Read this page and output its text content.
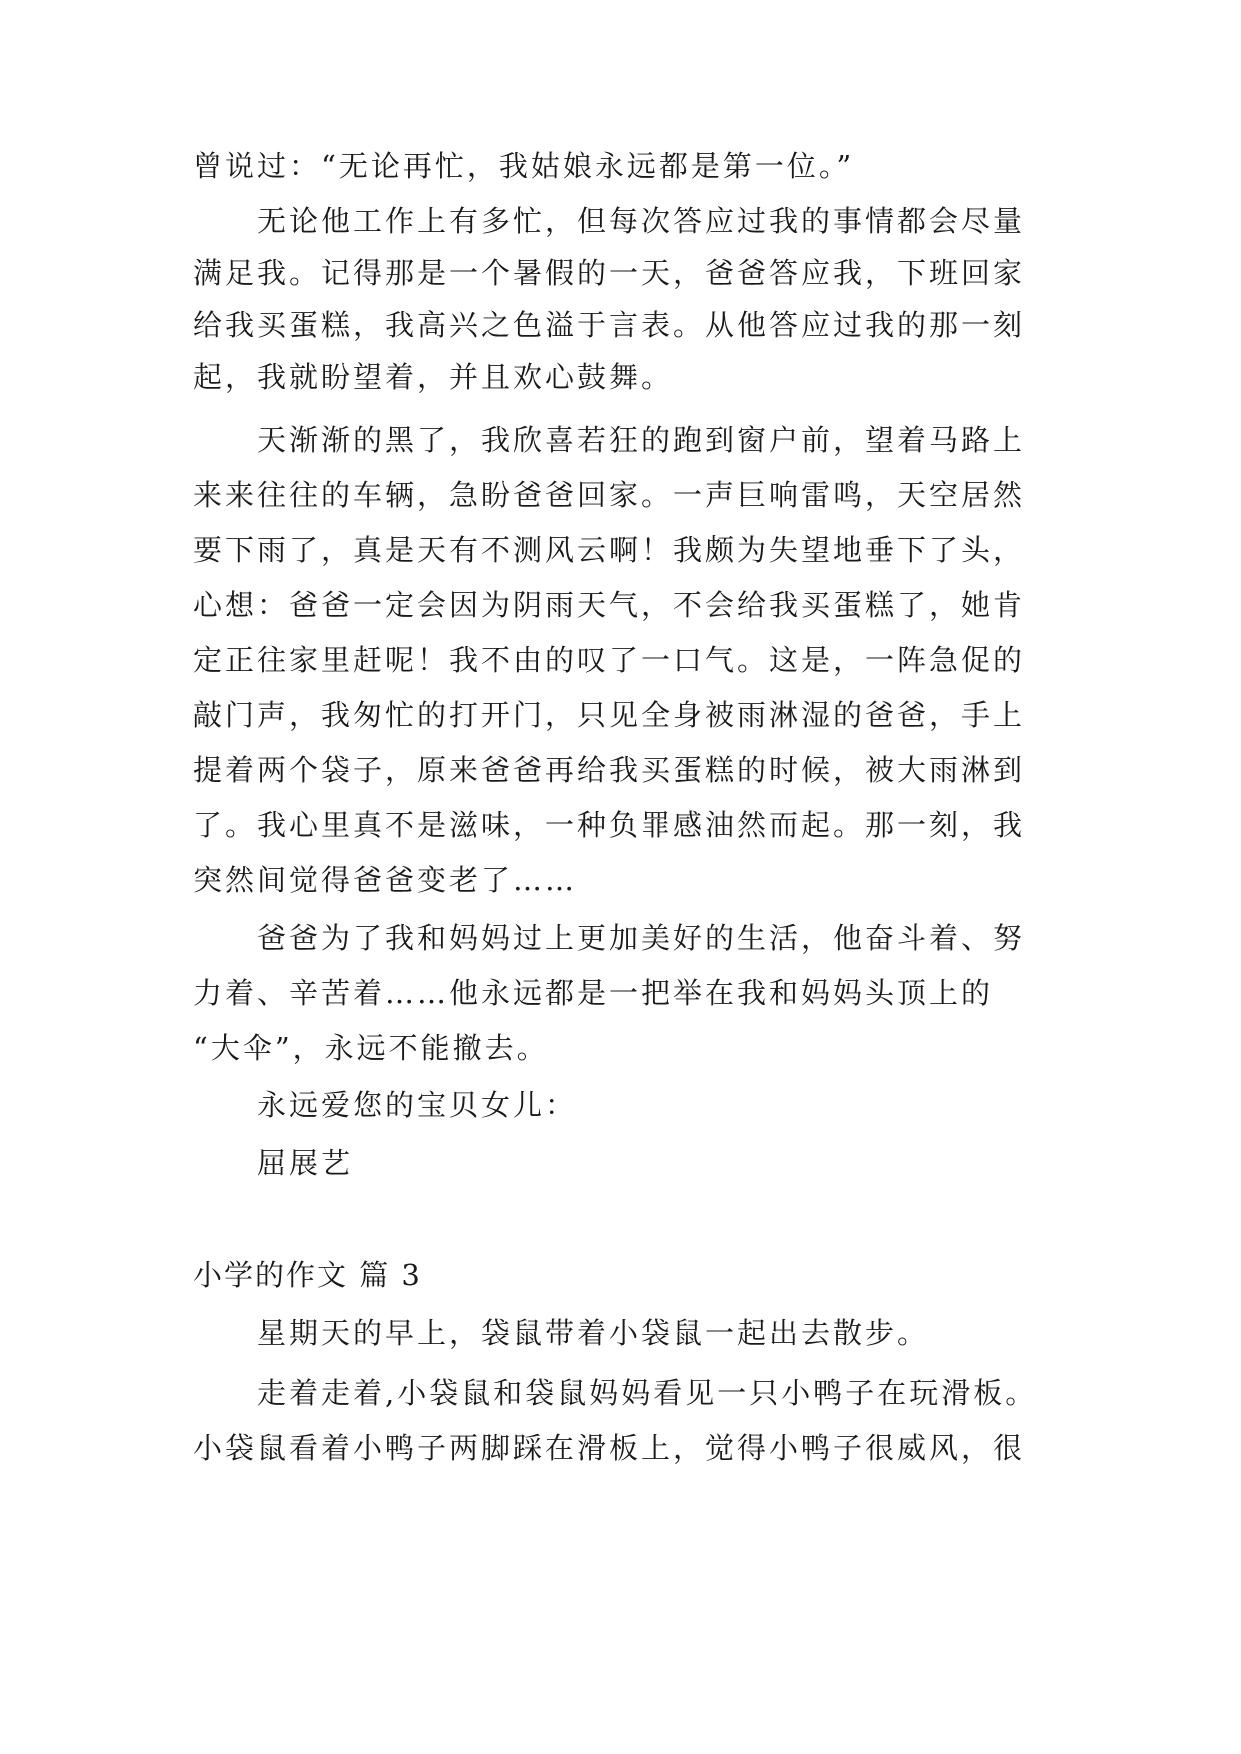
曾说过：“无论再忙，我姑娘永远都是第一位。”
无论他工作上有多忙，但每次答应过我的事情都会尽量
满足我。记得那是一个暑假的一天，爸爸答应我，下班回家
给我买蛋糕，我高兴之色溢于言表。从他答应过我的那一刻
起，我就盼望着，并且欢心鼓舞。
天渐渐的黑了，我欣喜若狂的跑到窗户前，望着马路上
来来往往的车辆，急盼爸爸回家。一声巨响雷鸣，天空居然
要下雨了，真是天有不测风云啊！我颇为失望地垂下了头，
心想：爸爸一定会因为阴雨天气，不会给我买蛋糕了，她肯
定正往家里赶呢！我不由的叹了一口气。这是，一阵急促的
敲门声，我匆忙的打开门，只见全身被雨淋湿的爸爸，手上
提着两个袋子，原来爸爸再给我买蛋糕的时候，被大雨淋到
了。我心里真不是滋味，一种负罪感油然而起。那一刻，我
突然间觉得爸爸变老了……
爸爸为了我和妈妈过上更加美好的生活，他奋斗着、努
力着、辛苦着……他永远都是一把举在我和妈妈头顶上的
“大伞”，永远不能撤去。
永远爱您的宝贝女儿：
屈展艺
小学的作文 篇 3
星期天的早上，袋鼠带着小袋鼠一起出去散步。
走着走着,小袋鼠和袋鼠妈妈看见一只小鸭子在玩滑板。
小袋鼠看着小鸭子两脚踩在滑板上，觉得小鸭子很威风，很
